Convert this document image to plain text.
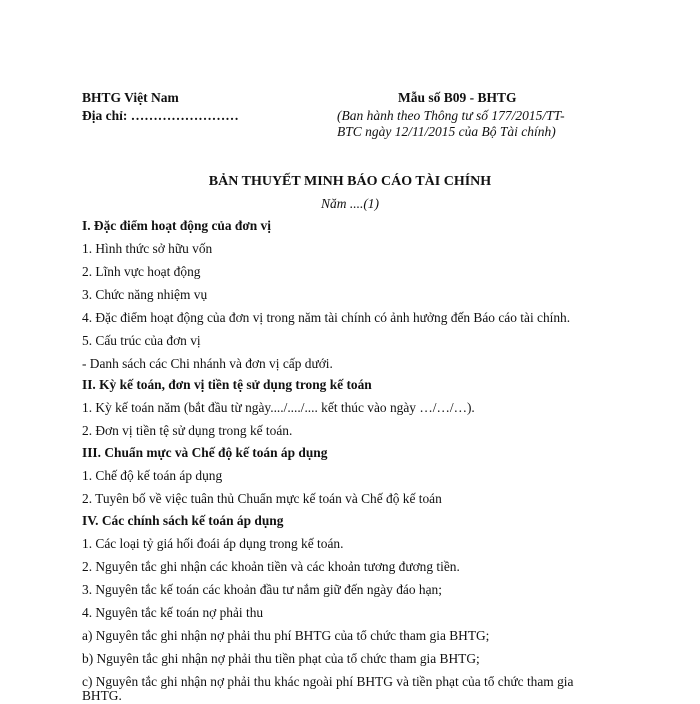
BHTG Việt Nam
Địa chỉ: ……………………
Mẫu số B09 - BHTG
(Ban hành theo Thông tư số 177/2015/TT-
BTC ngày 12/11/2015 của Bộ Tài chính)
BẢN THUYẾT MINH BÁO CÁO TÀI CHÍNH
Năm ....(1)
I. Đặc điểm hoạt động của đơn vị
1. Hình thức sở hữu vốn
2. Lĩnh vực hoạt động
3. Chức năng nhiệm vụ
4. Đặc điểm hoạt động của đơn vị trong năm tài chính có ảnh hưởng đến Báo cáo tài chính.
5. Cấu trúc của đơn vị
- Danh sách các Chi nhánh và đơn vị cấp dưới.
II. Kỳ kế toán, đơn vị tiền tệ sử dụng trong kế toán
1. Kỳ kế toán năm (bắt đầu từ ngày..../..../.... kết thúc vào ngày …/…/…).
2. Đơn vị tiền tệ sử dụng trong kế toán.
III. Chuẩn mực và Chế độ kế toán áp dụng
1. Chế độ kế toán áp dụng
2. Tuyên bố về việc tuân thủ Chuẩn mực kế toán và Chế độ kế toán
IV. Các chính sách kế toán áp dụng
1. Các loại tỷ giá hối đoái áp dụng trong kế toán.
2. Nguyên tắc ghi nhận các khoản tiền và các khoản tương đương tiền.
3. Nguyên tắc kế toán các khoản đầu tư nắm giữ đến ngày đáo hạn;
4. Nguyên tắc kế toán nợ phải thu
a) Nguyên tắc ghi nhận nợ phải thu phí BHTG của tổ chức tham gia BHTG;
b) Nguyên tắc ghi nhận nợ phải thu tiền phạt của tổ chức tham gia BHTG;
c) Nguyên tắc ghi nhận nợ phải thu khác ngoài phí BHTG và tiền phạt của tổ chức tham gia
BHTG.
